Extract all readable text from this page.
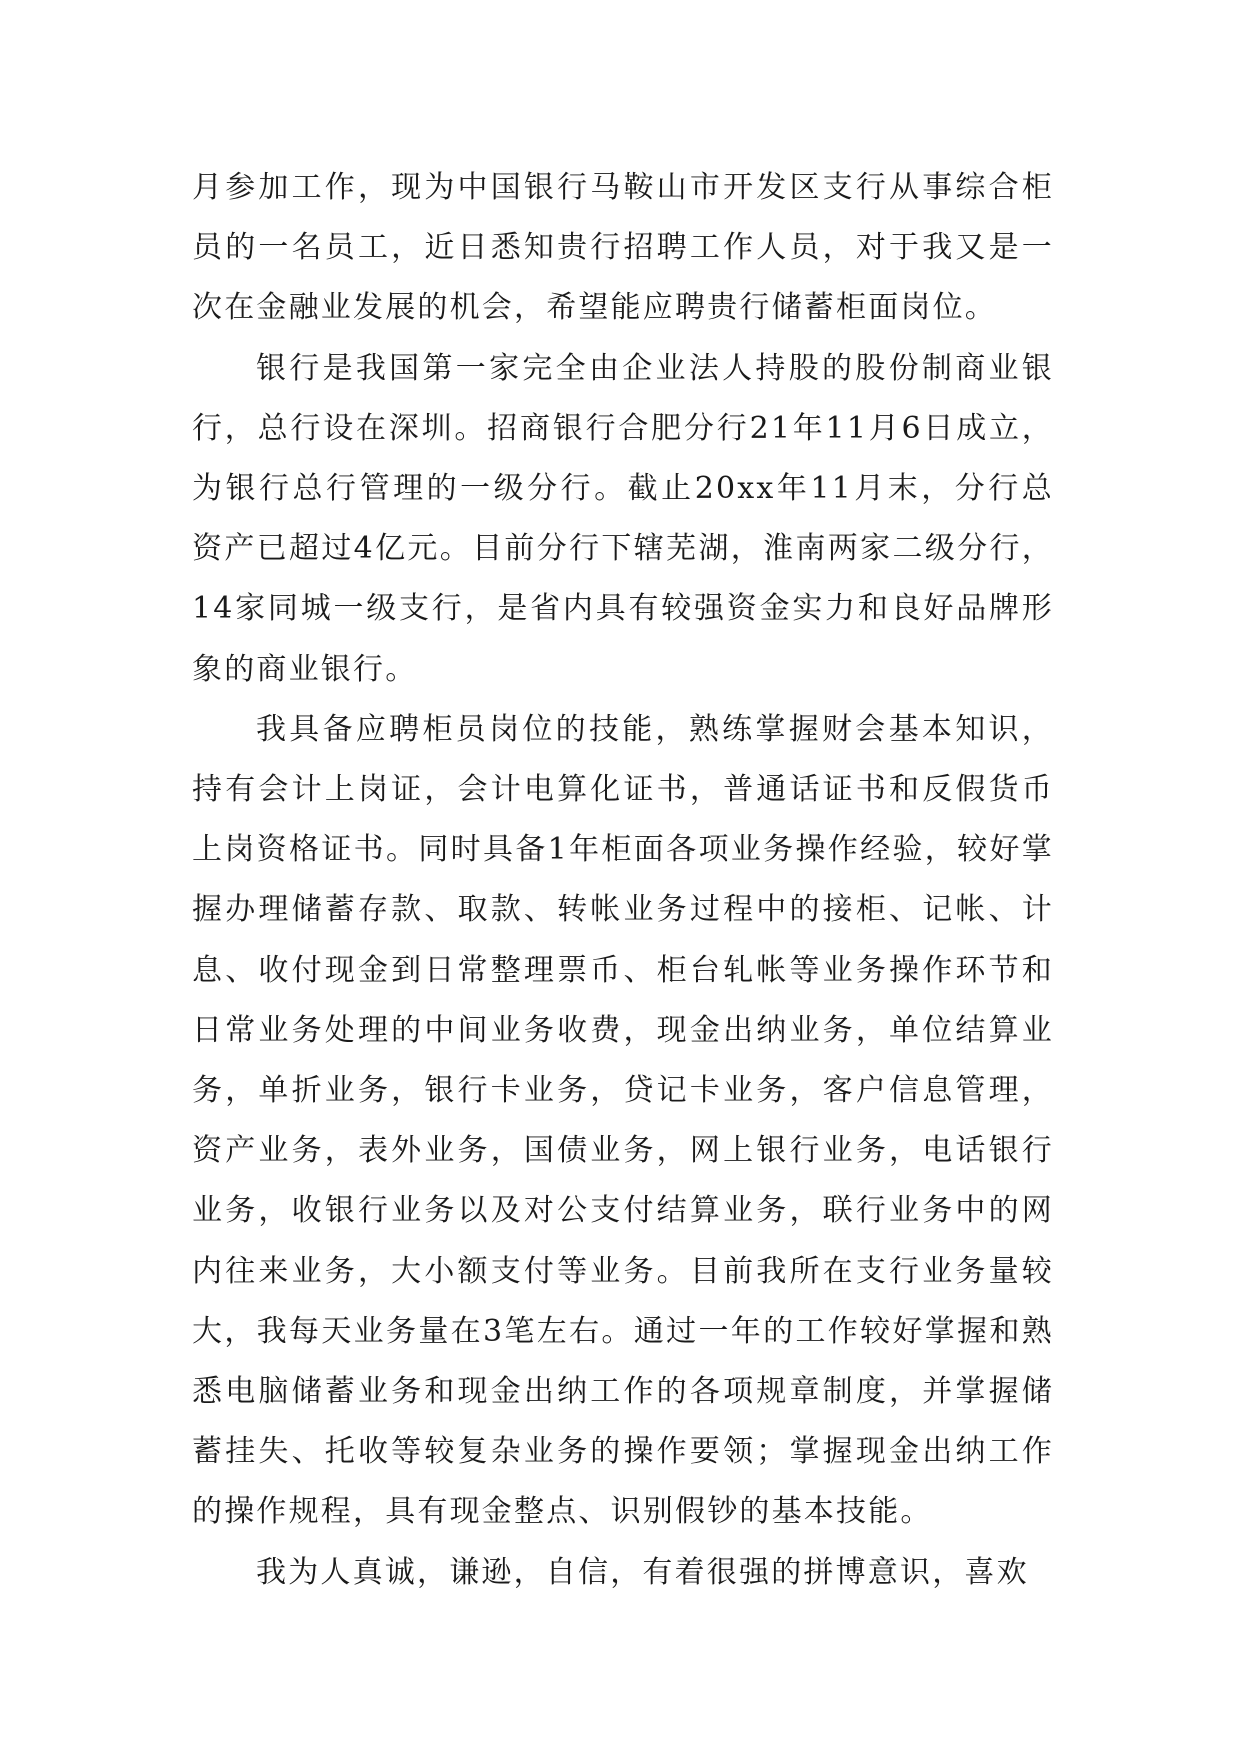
月参加工作，现为中国银行马鞍山市开发区支行从事综合柜员的一名员工，近日悉知贵行招聘工作人员，对于我又是一次在金融业发展的机会，希望能应聘贵行储蓄柜面岗位。

银行是我国第一家完全由企业法人持股的股份制商业银行，总行设在深圳。招商银行合肥分行21年11月6日成立，为银行总行管理的一级分行。截止20xx年11月末，分行总资产已超过4亿元。目前分行下辖芜湖，淮南两家二级分行，14家同城一级支行，是省内具有较强资金实力和良好品牌形象的商业银行。

我具备应聘柜员岗位的技能，熟练掌握财会基本知识，持有会计上岗证，会计电算化证书，普通话证书和反假货币上岗资格证书。同时具备1年柜面各项业务操作经验，较好掌握办理储蓄存款、取款、转帐业务过程中的接柜、记帐、计息、收付现金到日常整理票币、柜台轧帐等业务操作环节和日常业务处理的中间业务收费，现金出纳业务，单位结算业务，单折业务，银行卡业务，贷记卡业务，客户信息管理，资产业务，表外业务，国债业务，网上银行业务，电话银行业务，收银行业务以及对公支付结算业务，联行业务中的网内往来业务，大小额支付等业务。目前我所在支行业务量较大，我每天业务量在3笔左右。通过一年的工作较好掌握和熟悉电脑储蓄业务和现金出纳工作的各项规章制度，并掌握储蓄挂失、托收等较复杂业务的操作要领；掌握现金出纳工作的操作规程，具有现金整点、识别假钞的基本技能。

我为人真诚，谦逊，自信，有着很强的拼博意识，喜欢
